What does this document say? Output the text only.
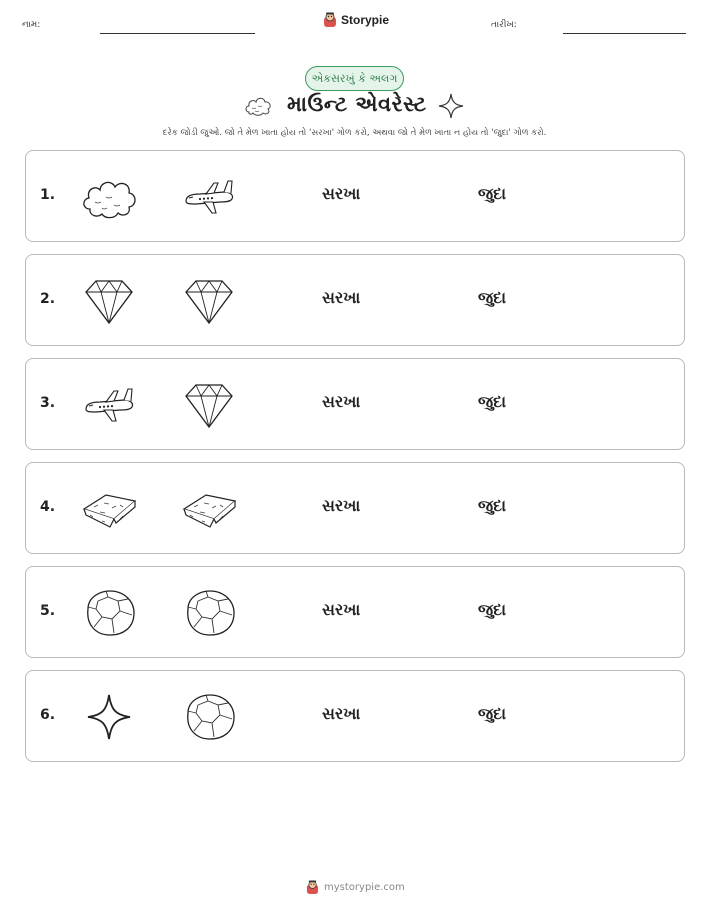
નામ:	Storypie	તારીખ:
એકસરખું કે અલગ
માઉન્ટ એવરેસ્ટ
દરેક જોડી જુઓ. જો તે મેળ ખાતા હોય તો 'સરખા' ગોળ કરો, અથવા જો તે મેળ ખાતા ન હોય તો 'જુદા' ગોળ કરો.
1.	સરખા	જુદા
2.	સરખા	જુદા
3.	સરખા	જુદા
4.	સરખા	જુદા
5.	સરખા	જુદા
6.	સરખા	જુદા
mystorypie.com
